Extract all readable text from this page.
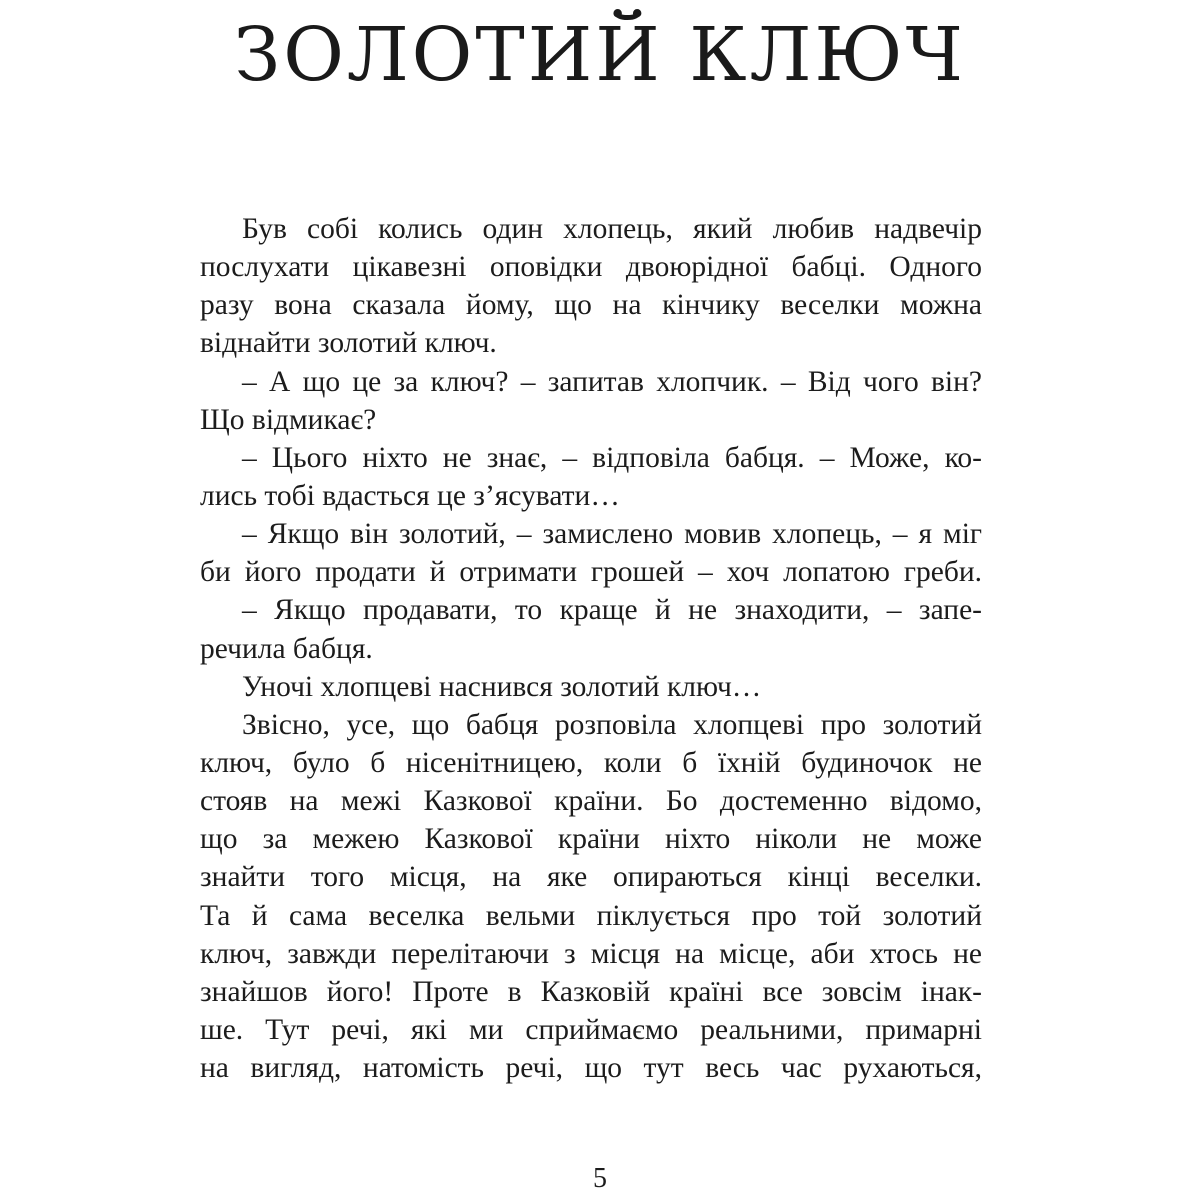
ЗОЛОТИЙ КЛЮЧ
Був собі колись один хлопець, який любив надвечір
послухати цікавезні оповідки двоюрідної бабці. Одного
разу вона сказала йому, що на кінчику веселки можна
віднайти золотий ключ.
– А що це за ключ? – запитав хлопчик. – Від чого він?
Що відмикає?
– Цього ніхто не знає, – відповіла бабця. – Може, ко-
лись тобі вдасться це з’ясувати…
– Якщо він золотий, – замислено мовив хлопець, – я міг
би його продати й отримати грошей – хоч лопатою греби.
– Якщо продавати, то краще й не знаходити, – запе-
речила бабця.
Уночі хлопцеві наснився золотий ключ…
Звісно, усе, що бабця розповіла хлопцеві про золотий
ключ, було б нісенітницею, коли б їхній будиночок не
стояв на межі Казкової країни. Бо достеменно відомо,
що за межею Казкової країни ніхто ніколи не може
знайти того місця, на яке опираються кінці веселки.
Та й сама веселка вельми піклується про той золотий
ключ, завжди перелітаючи з місця на місце, аби хтось не
знайшов його! Проте в Казковій країні все зовсім інак-
ше. Тут речі, які ми сприймаємо реальними, примарні
на вигляд, натомість речі, що тут весь час рухаються,
5
